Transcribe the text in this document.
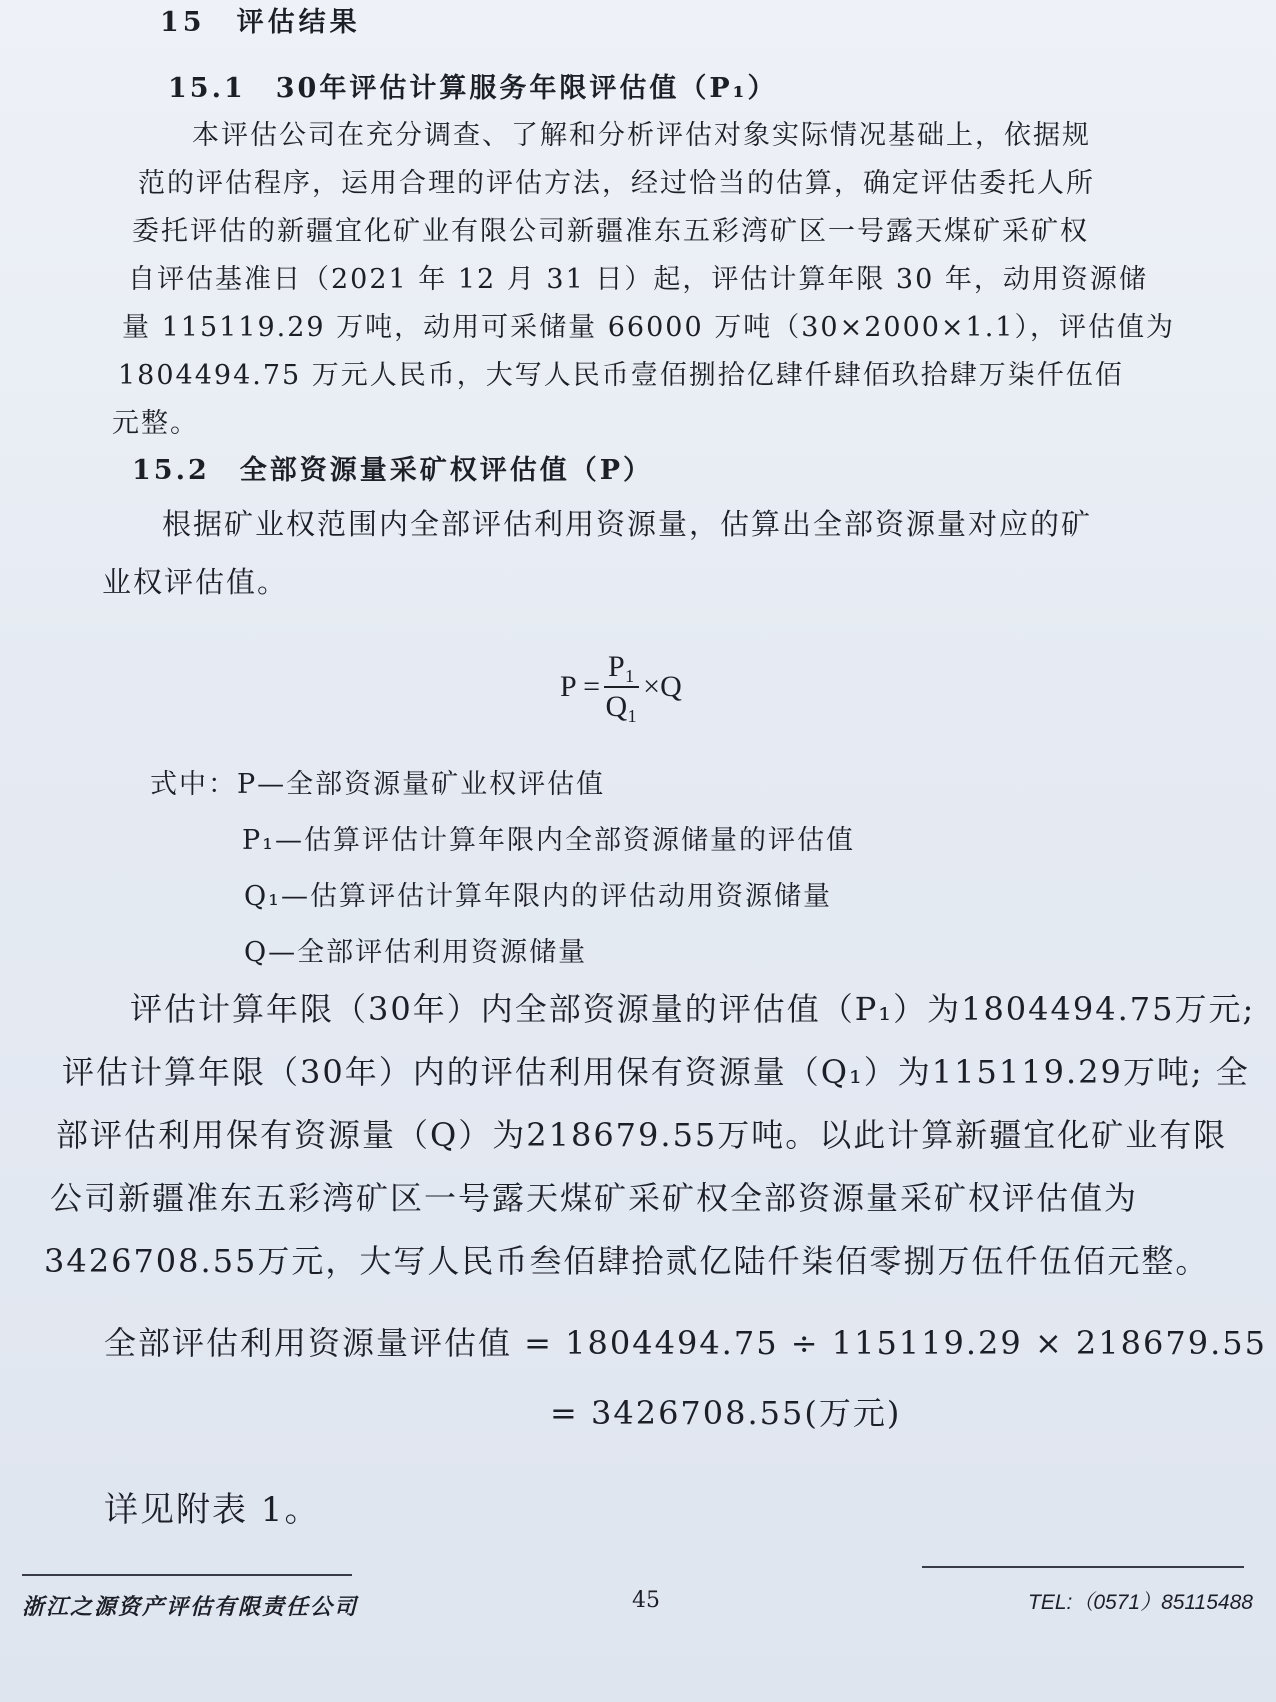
15　评估结果
15.1　30年评估计算服务年限评估值（P₁）
本评估公司在充分调查、了解和分析评估对象实际情况基础上，依据规
范的评估程序，运用合理的评估方法，经过恰当的估算，确定评估委托人所
委托评估的新疆宜化矿业有限公司新疆准东五彩湾矿区一号露天煤矿采矿权
自评估基准日（2021 年 12 月 31 日）起，评估计算年限 30 年，动用资源储
量 115119.29 万吨，动用可采储量 66000 万吨（30×2000×1.1），评估值为
1804494.75 万元人民币，大写人民币壹佰捌拾亿肆仟肆佰玖拾肆万柒仟伍佰
元整。
15.2　全部资源量采矿权评估值（P）
根据矿业权范围内全部评估利用资源量，估算出全部资源量对应的矿
业权评估值。
$P = \frac{\text{P₁}}{\text{Q₁}} \times Q$
式中：P—全部资源量矿业权评估值
P₁—估算评估计算年限内全部资源储量的评估值
Q₁—估算评估计算年限内的评估动用资源储量
Q—全部评估利用资源储量
评估计算年限（30年）内全部资源量的评估值（P₁）为1804494.75万元;
评估计算年限（30年）内的评估利用保有资源量（Q₁）为115119.29万吨; 全
部评估利用保有资源量（Q）为218679.55万吨。以此计算新疆宜化矿业有限
公司新疆准东五彩湾矿区一号露天煤矿采矿权全部资源量采矿权评估值为
3426708.55万元，大写人民币叁佰肆拾贰亿陆仟柒佰零捌万伍仟伍佰元整。
全部评估利用资源量评估值 = 1804494.75 ÷ 115119.29 × 218679.55
= 3426708.55(万元)
详见附表 1。
浙江之源资产评估有限责任公司	45	TEL:（0571）85115488
